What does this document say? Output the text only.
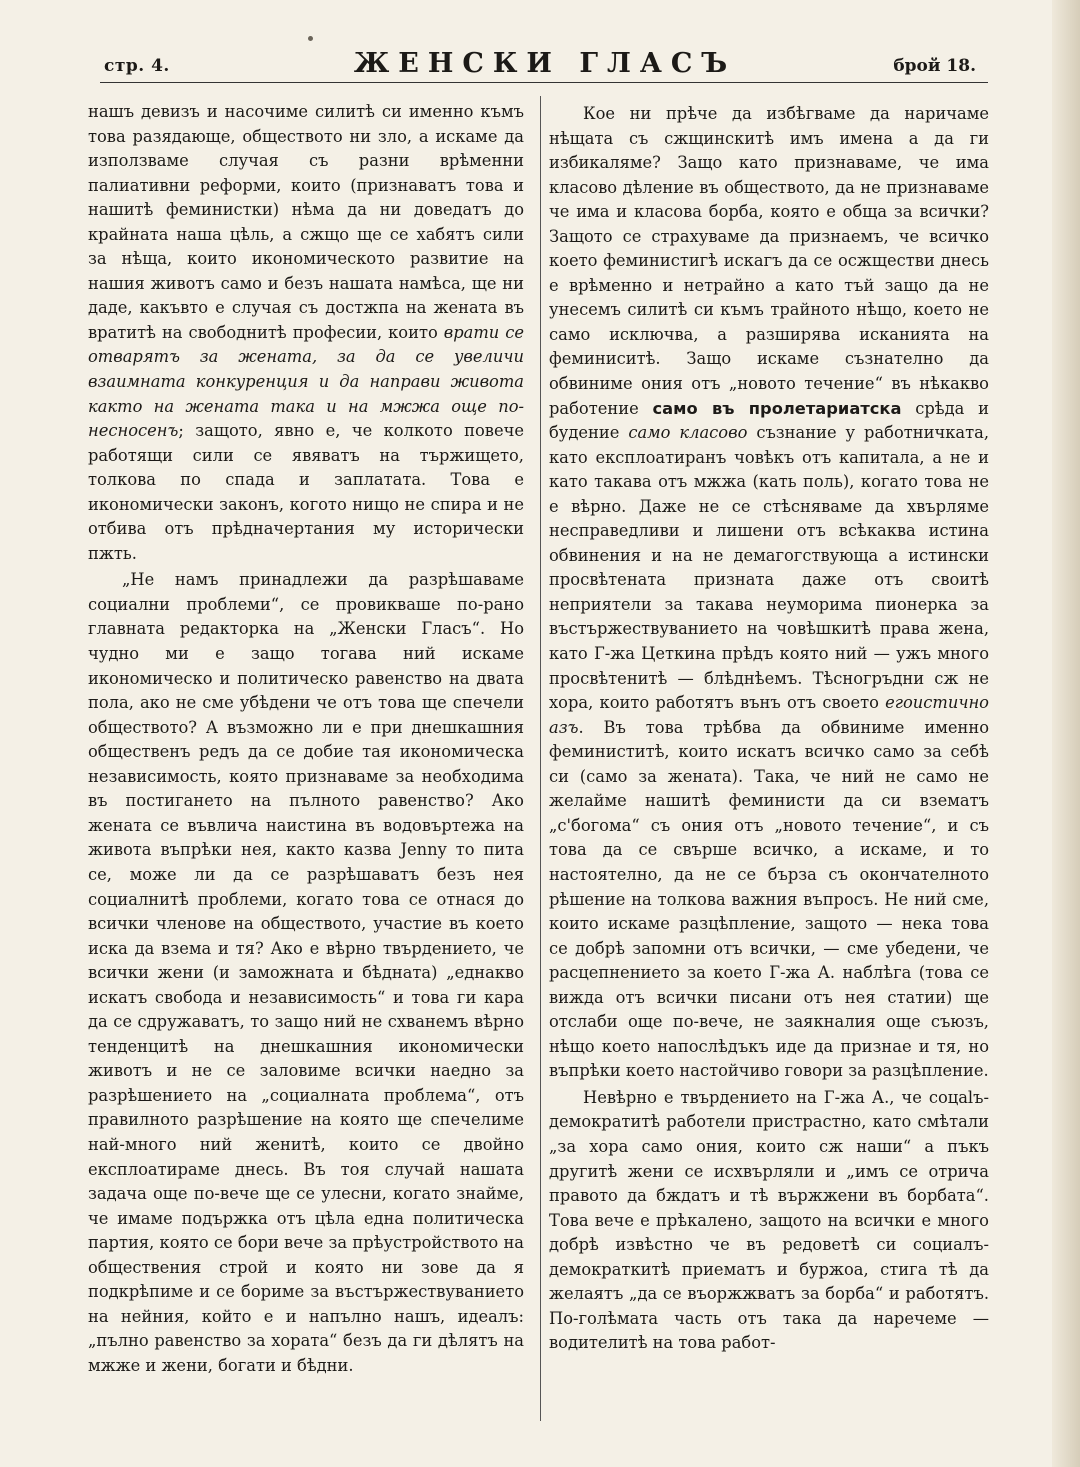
стр. 4.	ЖЕНСКИ ГЛАСЪ	брой 18.

нашъ девизъ и насочиме силитѣ си именно къмъ това разядающе, обществото ни зло, а искаме да използваме случая съ разни врѣменни палиативни реформи, които (признаватъ това и нашитѣ феминистки) нѣма да ни доведатъ до крайната наша цѣль, а сжщо ще се хабятъ сили за нѣща, които икономическото развитие на нашия животъ само и безъ нашата намѣса, ще ни даде, какъвто е случая съ достжпа на жената въ вратитѣ на свободнитѣ професии, които врати се отварятъ за жената, за да се увеличи взаимната конкуренция и да направи живота както на жената така и на мжжа още по-несносенъ; защото, явно е, че колкото повече работящи сили се явяватъ на тържището, толкова по спада и заплатата. Това е икономически законъ, когото нищо не спира и не отбива отъ прѣдначертания му исторически пжть.

„Не намъ принадлежи да разрѣшаваме социални проблеми“, се провикваше по-рано главната редакторка на „Женски Гласъ“. Но чудно ми е защо тогава ний искаме икономическо и политическо равенство на двата пола, ако не сме убѣдени че отъ това ще спечели обществото? А възможно ли е при днешкашния общественъ редъ да се добие тая икономическа независимость, която признаваме за необходима въ постигането на пълното равенство? Ако жената се въвлича наистина въ водовъртежа на живота въпрѣки нея, както казва Jenny то пита се, може ли да се разрѣшаватъ безъ нея социалнитѣ проблеми, когато това се отнася до всички членове на обществото, участие въ което иска да взема и тя? Ако е вѣрно твърдението, че всички жени (и заможната и бѣдната) „еднакво искатъ свобода и независимость“ и това ги кара да се сдружаватъ, то защо ний не схванемъ вѣрно тенденцитѣ на днешкашния икономически животъ и не се заловиме всички наедно за разрѣшението на „социалната проблема“, отъ правилното разрѣшение на която ще спечелиме най-много ний женитѣ, които се двойно експлоатираме днесь. Въ тоя случай нашата задача още по-вече ще се улесни, когато знайме, че имаме подържка отъ цѣла една политическа партия, която се бори вече за прѣустройството на обществения строй и която ни зове да я подкрѣпиме и се бориме за въстържествуванието на нейния, който е и напълно нашъ, идеалъ: „пълно равенство за хората“ безъ да ги дѣлятъ на мжже и жени, богати и бѣдни.

Кое ни прѣче да избѣгваме да наричаме нѣщата съ сжщинскитѣ имъ имена а да ги избикаляме? Защо като признаваме, че има класово дѣление въ обществото, да не признаваме че има и класова борба, която е обща за всички? Защото се страхуваме да признаемъ, че всичко което феминистигѣ искагъ да се осжществи днесь е врѣменно и нетрайно а като тъй защо да не унесемъ силитѣ си къмъ трайното нѣщо, което не само исключва, а разширява исканията на феминиситѣ. Защо искаме съзнателно да обвиниме ония отъ „новото течение“ въ нѣкакво работение само въ пролетариатска срѣда и будение само класово съзнание у работничката, като експлоатиранъ човѣкъ отъ капитала, а не и като такава отъ мжжа (кать поль), когато това не е вѣрно. Даже не се стѣсняваме да хвърляме несправедливи и лишени отъ всѣкаква истина обвинения и на не демагогствующа а истински просвѣтената призната даже отъ своитѣ неприятели за такава неуморима пионерка за въстържествуванието на човѣшкитѣ права жена, като Г-жа Цеткина прѣдъ която ний — ужъ много просвѣтенитѣ — блѣднѣемъ. Тѣсногръдни сж не хора, които работятъ вънъ отъ своето егоистично азъ. Въ това трѣбва да обвиниме именно феминиститѣ, които искатъ всичко само за себѣ си (само за жената). Така, че ний не само не желайме нашитѣ феминисти да си взематъ „с'богома“ съ ония отъ „новото течение“, и съ това да се свърше всичко, а искаме, и то настоятелно, да не се бърза съ окончателното рѣшение на толкова важния въпросъ. Не ний сме, които искаме разцѣпление, защото — нека това се добрѣ запомни отъ всички, — сме убедени, че расцепнението за което Г-жа А. наблѣга (това се вижда отъ всички писани отъ нея статии) ще отслаби още по-вече, не заякналия още съюзъ, нѣщо което напослѣдъкъ иде да признае и тя, но въпрѣки което настойчиво говори за разцѣпление.

Невѣрно е твърдението на Г-жа А., че соцalъ-демократитѣ работели пристрастно, като смѣтали „за хора само ония, които сж наши“ а пъкъ другитѣ жени се исхвърляли и „имъ се отрича правото да бждатъ и тѣ вържжени въ борбата“. Това вече е прѣкалено, защото на всички е много добрѣ извѣстно че въ редоветѣ си социалъ-демократкитѣ приематъ и буржоа, стига тѣ да желаятъ „да се въоржжватъ за борба“ и работятъ. По-голѣмата часть отъ така да наречеме — водителитѣ на това работ-
